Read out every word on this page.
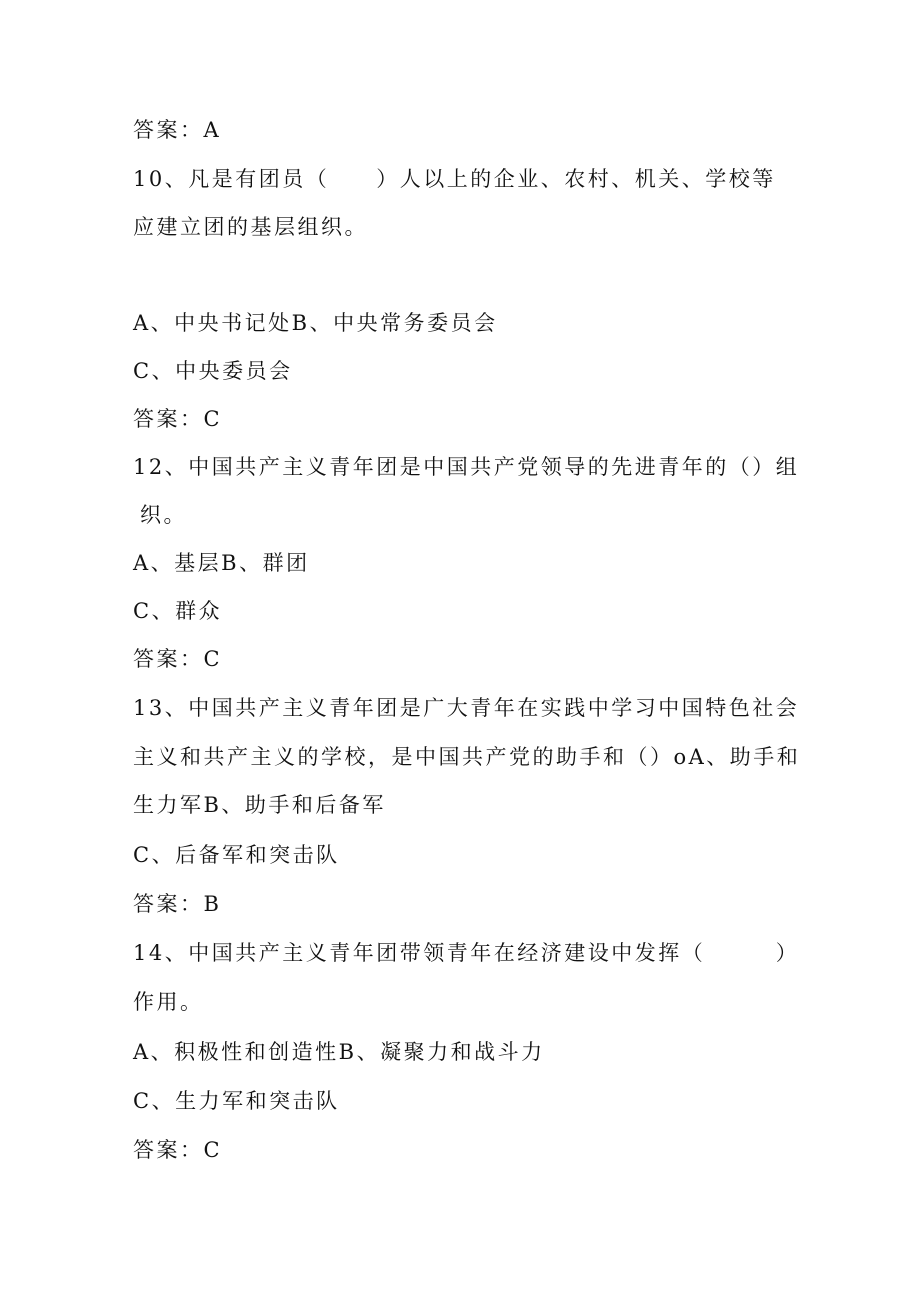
答案：A
10、凡是有团员（　　）人以上的企业、农村、机关、学校等
应建立团的基层组织。
A、中央书记处B、中央常务委员会
C、中央委员会
答案：C
12、中国共产主义青年团是中国共产党领导的先进青年的（）组
织。
A、基层B、群团
C、群众
答案：C
13、中国共产主义青年团是广大青年在实践中学习中国特色社会
主义和共产主义的学校，是中国共产党的助手和（）oA、助手和
生力军B、助手和后备军
C、后备军和突击队
答案：B
14、中国共产主义青年团带领青年在经济建设中发挥（　　　）
作用。
A、积极性和创造性B、凝聚力和战斗力
C、生力军和突击队
答案：C
